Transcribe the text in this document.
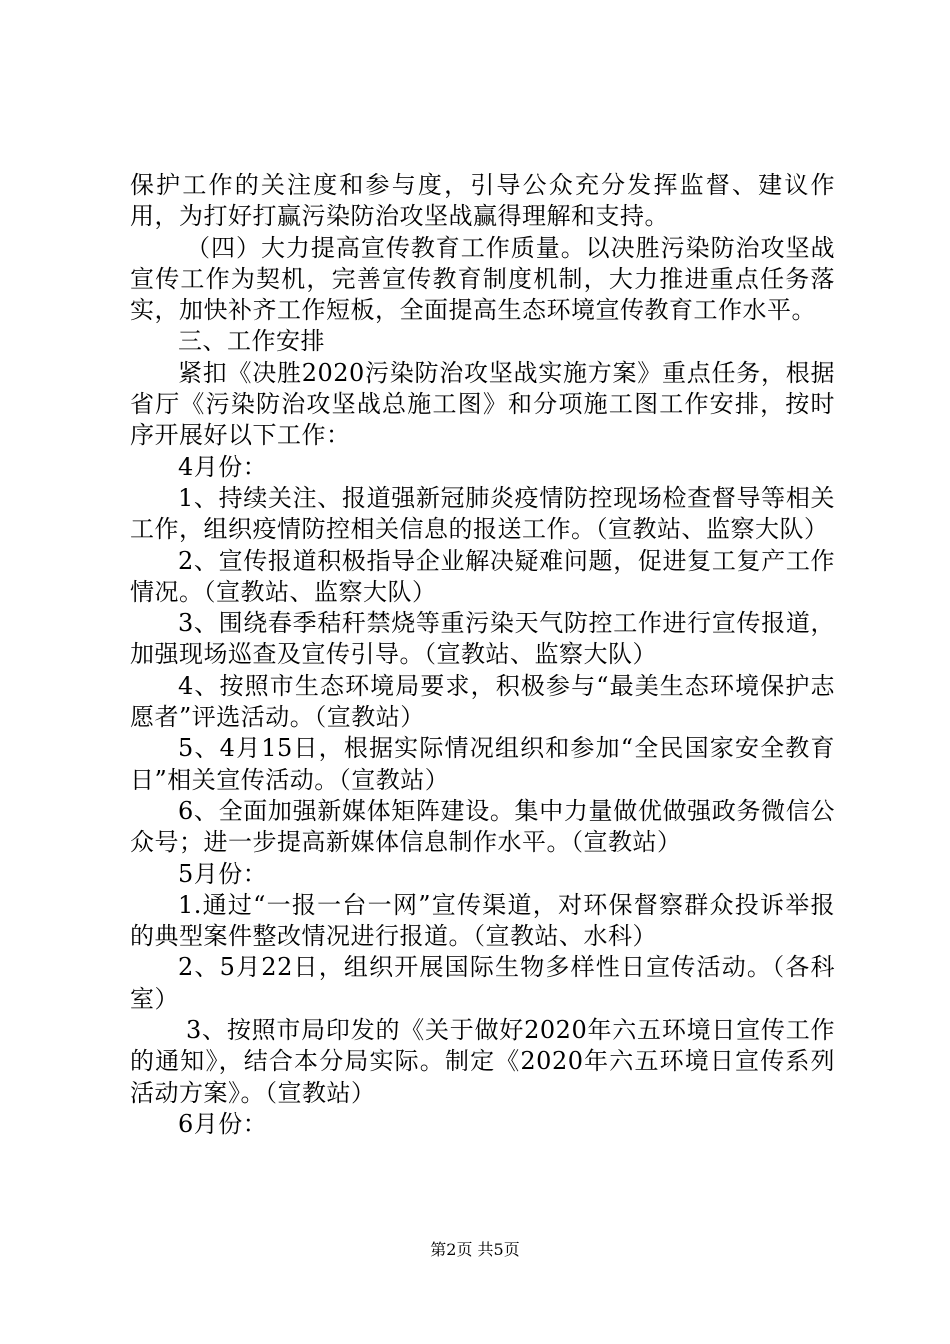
保护工作的关注度和参与度，引导公众充分发挥监督、建议作用，为打好打赢污染防治攻坚战赢得理解和支持。

（四）大力提高宣传教育工作质量。以决胜污染防治攻坚战宣传工作为契机，完善宣传教育制度机制，大力推进重点任务落实，加快补齐工作短板，全面提高生态环境宣传教育工作水平。

三、工作安排

紧扣《决胜2020污染防治攻坚战实施方案》重点任务，根据省厅《污染防治攻坚战总施工图》和分项施工图工作安排，按时序开展好以下工作：

4月份：

1、持续关注、报道强新冠肺炎疫情防控现场检查督导等相关工作，组织疫情防控相关信息的报送工作。（宣教站、监察大队）

2、宣传报道积极指导企业解决疑难问题，促进复工复产工作情况。（宣教站、监察大队）

3、围绕春季秸秆禁烧等重污染天气防控工作进行宣传报道，加强现场巡查及宣传引导。（宣教站、监察大队）

4、按照市生态环境局要求，积极参与“最美生态环境保护志愿者”评选活动。（宣教站）

5、4月15日，根据实际情况组织和参加“全民国家安全教育日”相关宣传活动。（宣教站）

6、全面加强新媒体矩阵建设。集中力量做优做强政务微信公众号；进一步提高新媒体信息制作水平。（宣教站）

5月份：

1.通过“一报一台一网”宣传渠道，对环保督察群众投诉举报的典型案件整改情况进行报道。（宣教站、水科）

2、5月22日，组织开展国际生物多样性日宣传活动。（各科室）

3、按照市局印发的《关于做好2020年六五环境日宣传工作的通知》，结合本分局实际。制定《2020年六五环境日宣传系列活动方案》。（宣教站）

6月份：

第2页 共5页
